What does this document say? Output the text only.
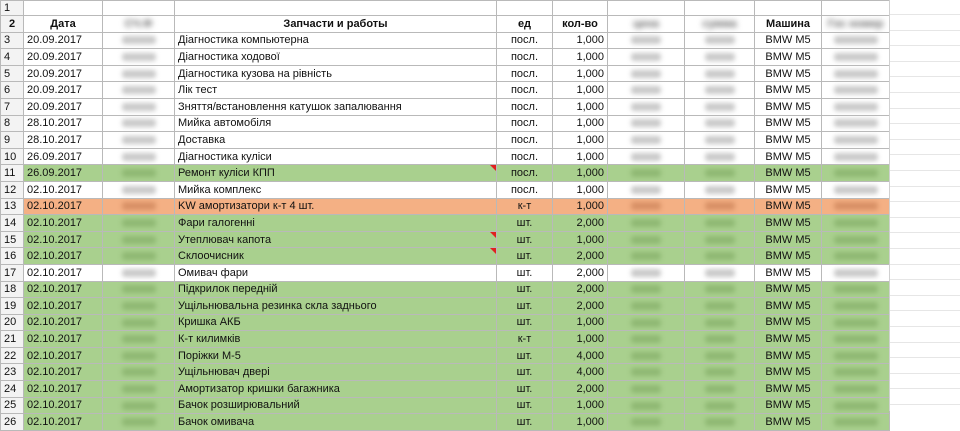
1									
2	Дата	СЧ.Ф	Запчасти и работы	ед	кол-во	цена	сумма	Машина	Гос номер
3	20.09.2017		Діагностика компьютерна	посл.	1,000			BMW M5	
4	20.09.2017		Діагностика ходової	посл.	1,000			BMW M5	
5	20.09.2017		Діагностика кузова на рівність	посл.	1,000			BMW M5	
6	20.09.2017		Лік тест	посл.	1,000			BMW M5	
7	20.09.2017		Зняття/встановлення катушок запалювання	посл.	1,000			BMW M5	
8	28.10.2017		Мийка автомобіля	посл.	1,000			BMW M5	
9	28.10.2017		Доставка	посл.	1,000			BMW M5	
10	26.09.2017		Діагностика куліси	посл.	1,000			BMW M5	
11	26.09.2017		Ремонт куліси КПП	посл.	1,000			BMW M5	
12	02.10.2017		Мийка комплекс	посл.	1,000			BMW M5	
13	02.10.2017		KW амортизатори к-т 4 шт.	к-т	1,000			BMW M5	
14	02.10.2017		Фари галогенні	шт.	2,000			BMW M5	
15	02.10.2017		Утеплювач капота	шт.	1,000			BMW M5	
16	02.10.2017		Склоочисник	шт.	2,000			BMW M5	
17	02.10.2017		Омивач фари	шт.	2,000			BMW M5	
18	02.10.2017		Підкрилок передній	шт.	2,000			BMW M5	
19	02.10.2017		Ущільнювальна резинка скла заднього	шт.	2,000			BMW M5	
20	02.10.2017		Кришка АКБ	шт.	1,000			BMW M5	
21	02.10.2017		К-т килимків	к-т	1,000			BMW M5	
22	02.10.2017		Поріжки М-5	шт.	4,000			BMW M5	
23	02.10.2017		Ущільнювач двері	шт.	4,000			BMW M5	
24	02.10.2017		Амортизатор кришки багажника	шт.	2,000			BMW M5	
25	02.10.2017		Бачок розширювальний	шт.	1,000			BMW M5	
26	02.10.2017		Бачок омивача	шт.	1,000			BMW M5	
